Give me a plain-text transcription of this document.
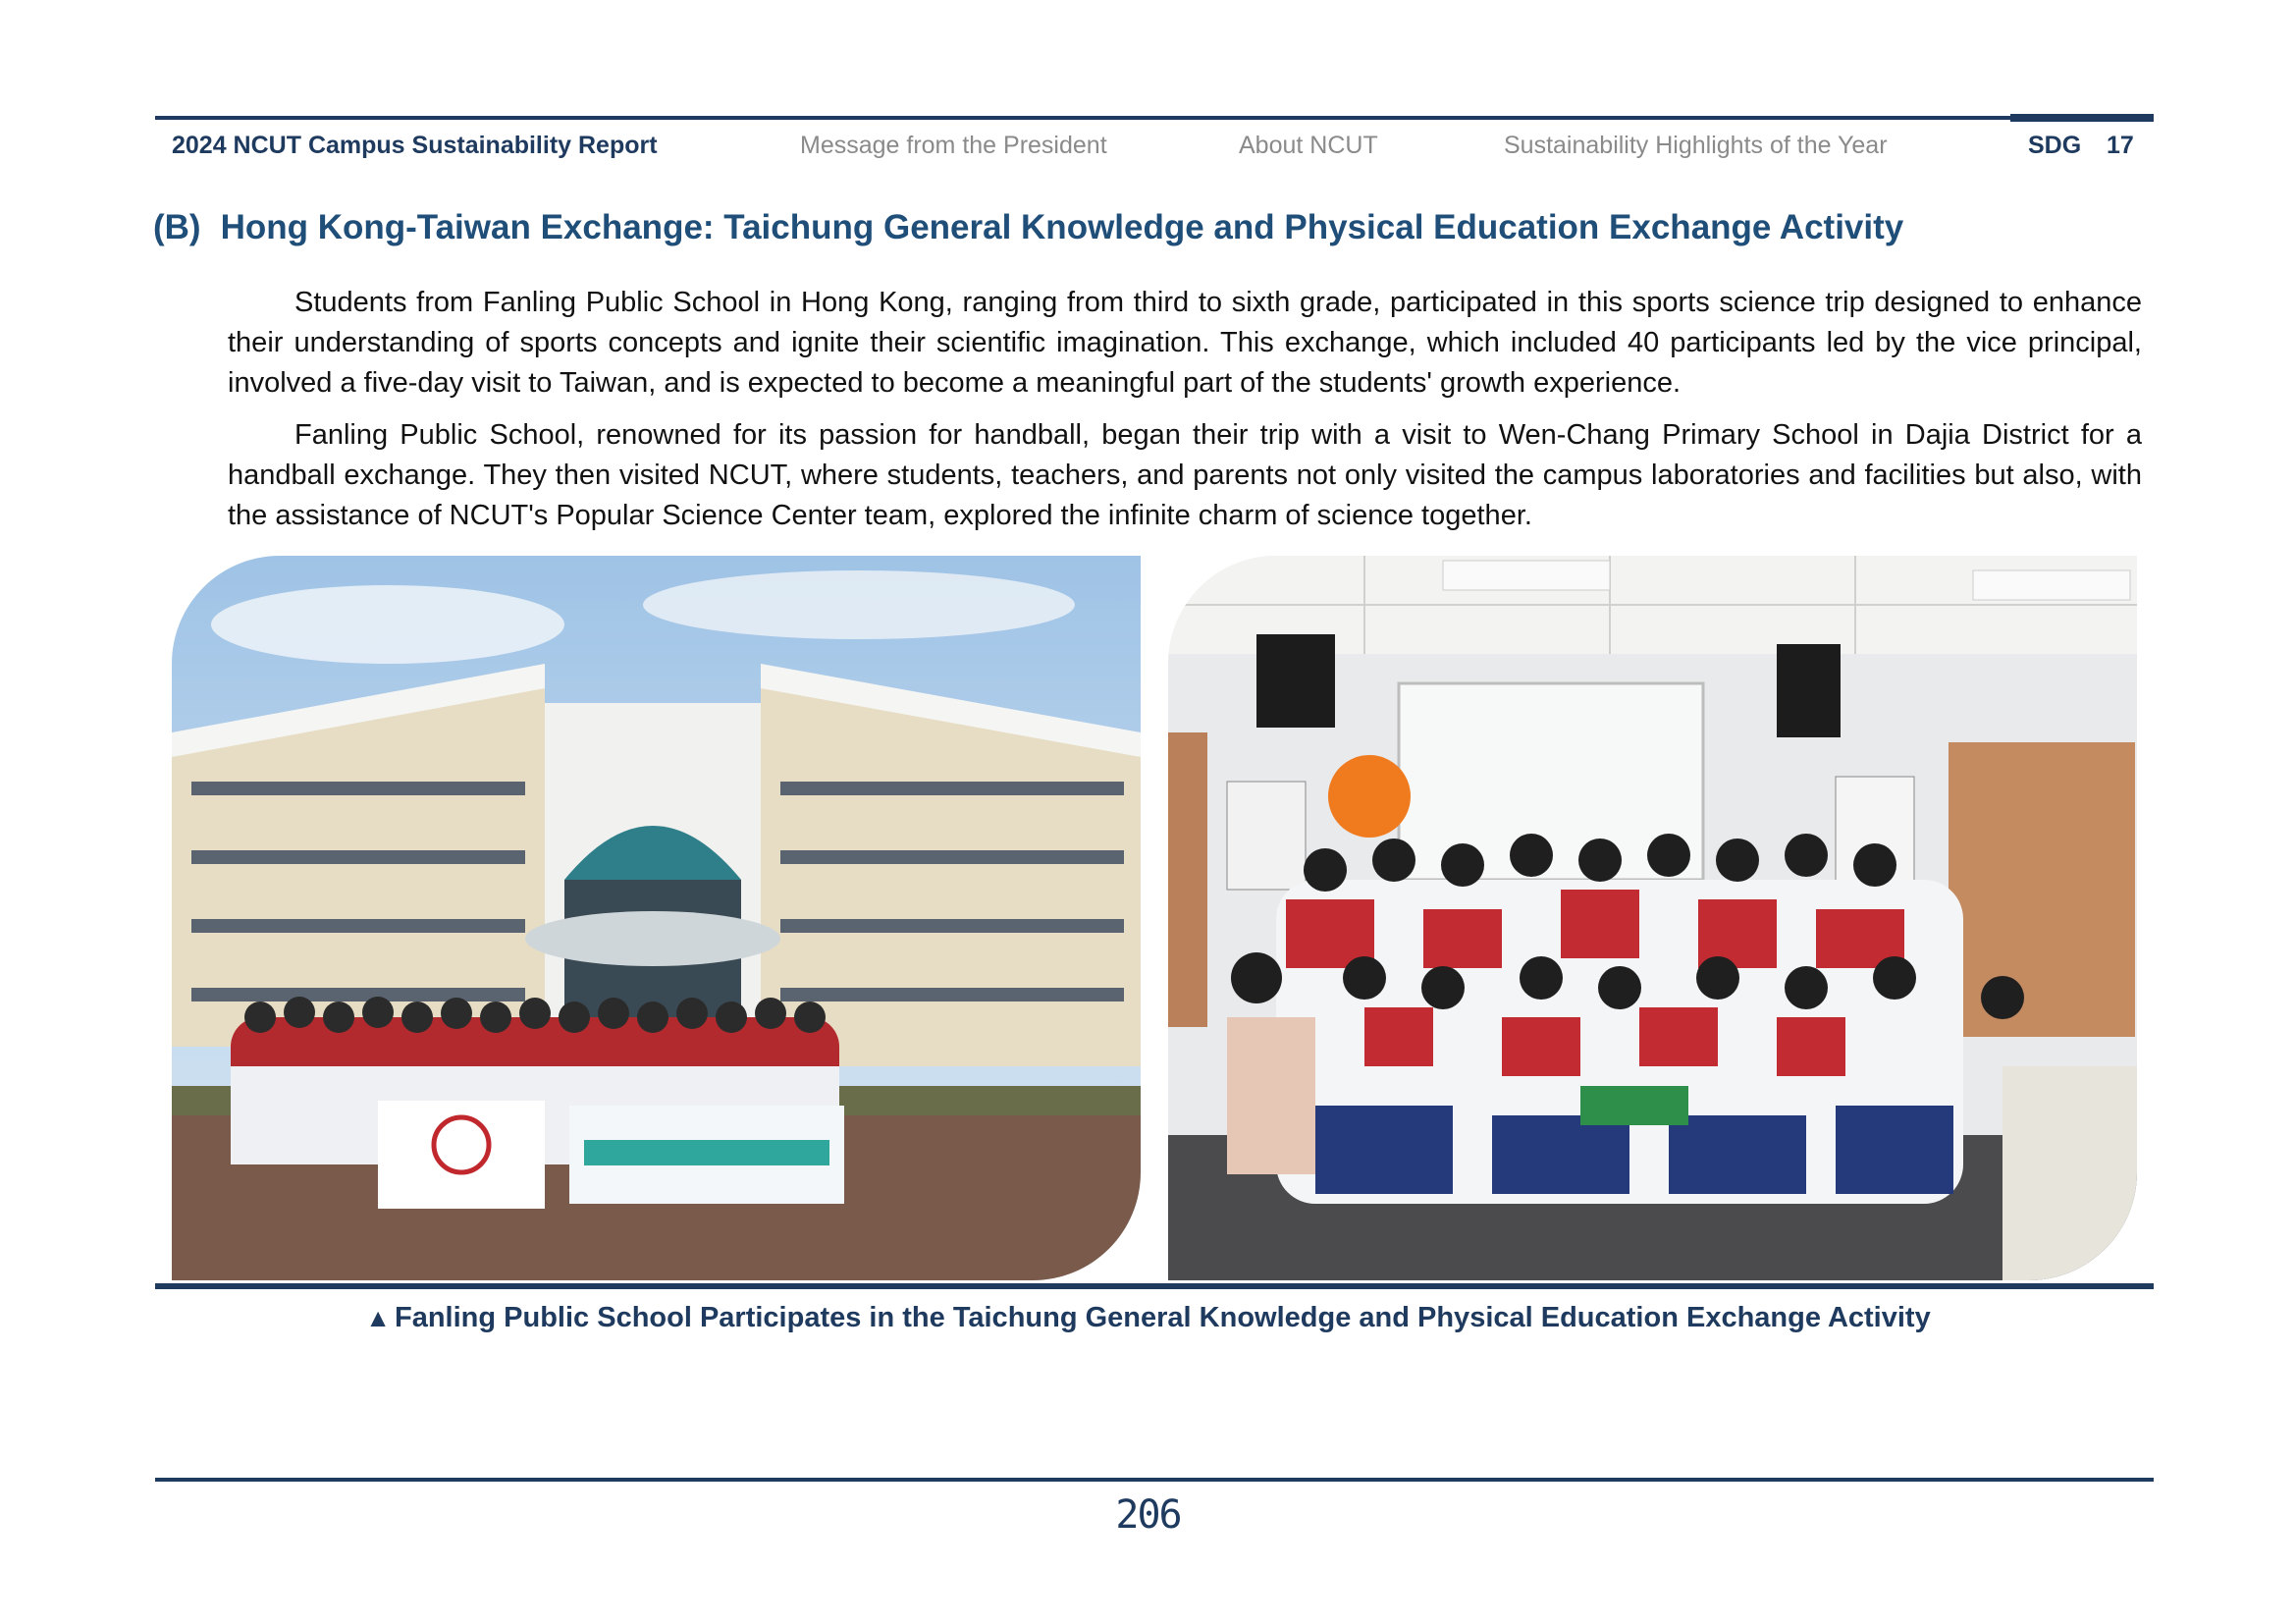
2024 NCUT Campus Sustainability Report	Message from the President	About NCUT	Sustainability Highlights of the Year	SDG 17
(B) Hong Kong-Taiwan Exchange: Taichung General Knowledge and Physical Education Exchange Activity

Students from Fanling Public School in Hong Kong, ranging from third to sixth grade, participated in this sports science trip designed to enhance their understanding of sports concepts and ignite their scientific imagination. This exchange, which included 40 participants led by the vice principal, involved a five-day visit to Taiwan, and is expected to become a meaningful part of the students' growth experience.

Fanling Public School, renowned for its passion for handball, began their trip with a visit to Wen-Chang Primary School in Dajia District for a handball exchange. They then visited NCUT, where students, teachers, and parents not only visited the campus laboratories and facilities but also, with the assistance of NCUT's Popular Science Center team, explored the infinite charm of science together.

▲ Fanling Public School Participates in the Taichung General Knowledge and Physical Education Exchange Activity
206
